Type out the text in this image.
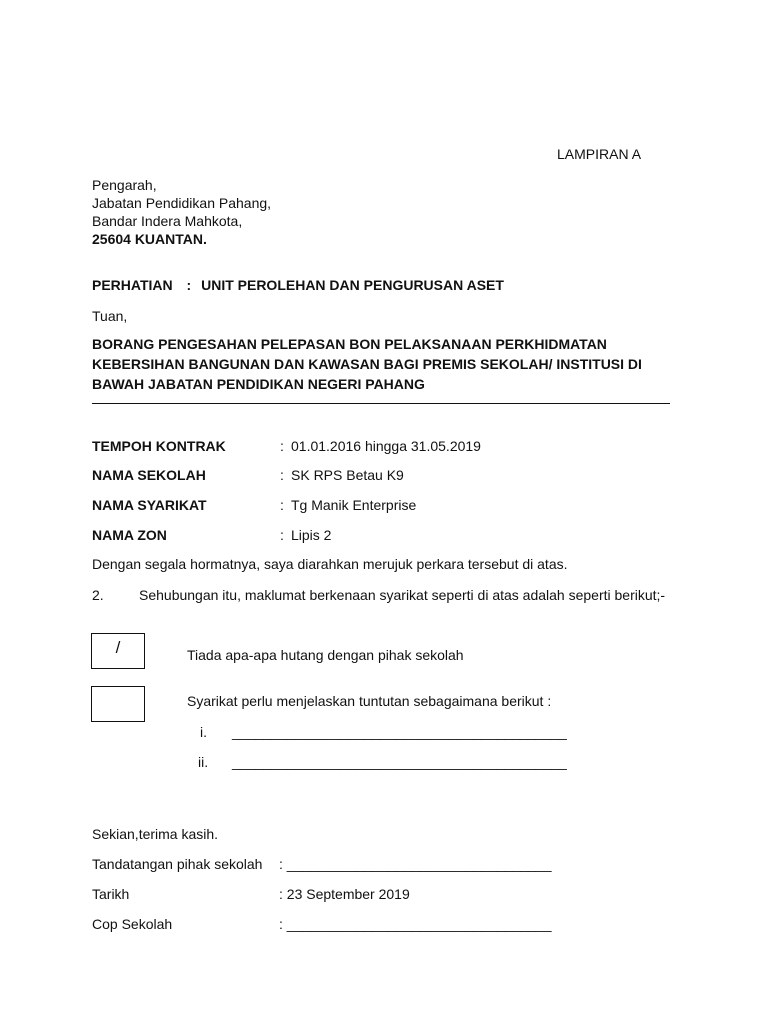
LAMPIRAN A
Pengarah,
Jabatan Pendidikan Pahang,
Bandar Indera Mahkota,
25604 KUANTAN.
PERHATIAN : UNIT PEROLEHAN DAN PENGURUSAN ASET
Tuan,
BORANG PENGESAHAN PELEPASAN BON PELAKSANAAN PERKHIDMATAN
KEBERSIHAN BANGUNAN DAN KAWASAN BAGI PREMIS SEKOLAH/ INSTITUSI DI
BAWAH JABATAN PENDIDIKAN NEGERI PAHANG
TEMPOH KONTRAK	: 01.01.2016 hingga 31.05.2019
NAMA SEKOLAH	: SK RPS Betau K9
NAMA SYARIKAT	: Tg Manik Enterprise
NAMA ZON	: Lipis 2
Dengan segala hormatnya, saya diarahkan merujuk perkara tersebut di atas.
2.	Sehubungan itu, maklumat berkenaan syarikat seperti di atas adalah seperti berikut;-
/	Tiada apa-apa hutang dengan pihak sekolah
Syarikat perlu menjelaskan tuntutan sebagaimana berikut :
i. ___________________________________________
ii. ___________________________________________
Sekian,terima kasih.
Tandatangan pihak sekolah : __________________________________
Tarikh	: 23 September 2019
Cop Sekolah	: __________________________________
